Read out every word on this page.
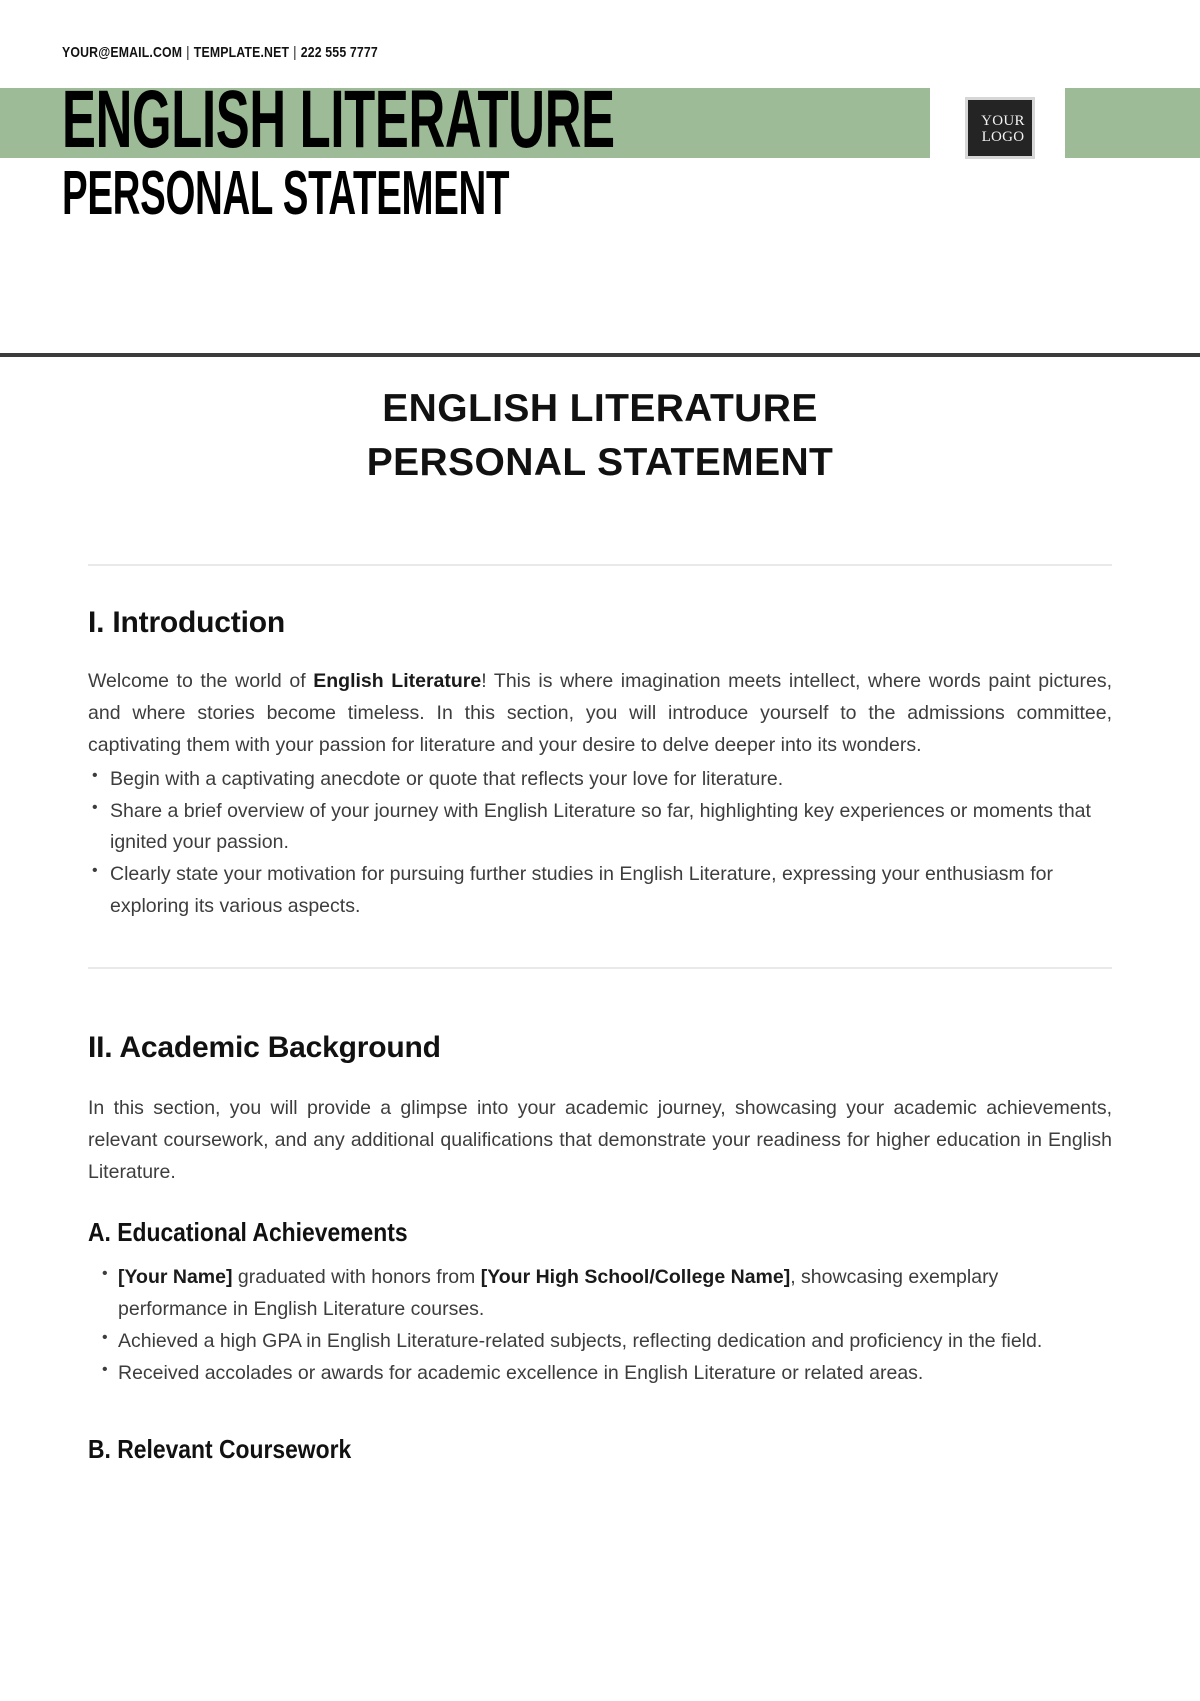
YOUR@EMAIL.COM | TEMPLATE.NET | 222 555 7777
ENGLISH LITERATURE
PERSONAL STATEMENT
YOUR
LOGO
ENGLISH LITERATURE
PERSONAL STATEMENT
I. Introduction

Welcome to the world of English Literature! This is where imagination meets intellect, where words paint pictures, and where stories become timeless. In this section, you will introduce yourself to the admissions committee, captivating them with your passion for literature and your desire to delve deeper into its wonders.

• Begin with a captivating anecdote or quote that reflects your love for literature.
• Share a brief overview of your journey with English Literature so far, highlighting key experiences or moments that ignited your passion.
• Clearly state your motivation for pursuing further studies in English Literature, expressing your enthusiasm for exploring its various aspects.
II. Academic Background

In this section, you will provide a glimpse into your academic journey, showcasing your academic achievements, relevant coursework, and any additional qualifications that demonstrate your readiness for higher education in English Literature.

A. Educational Achievements
• [Your Name] graduated with honors from [Your High School/College Name], showcasing exemplary performance in English Literature courses.
• Achieved a high GPA in English Literature-related subjects, reflecting dedication and proficiency in the field.
• Received accolades or awards for academic excellence in English Literature or related areas.
B. Relevant Coursework
